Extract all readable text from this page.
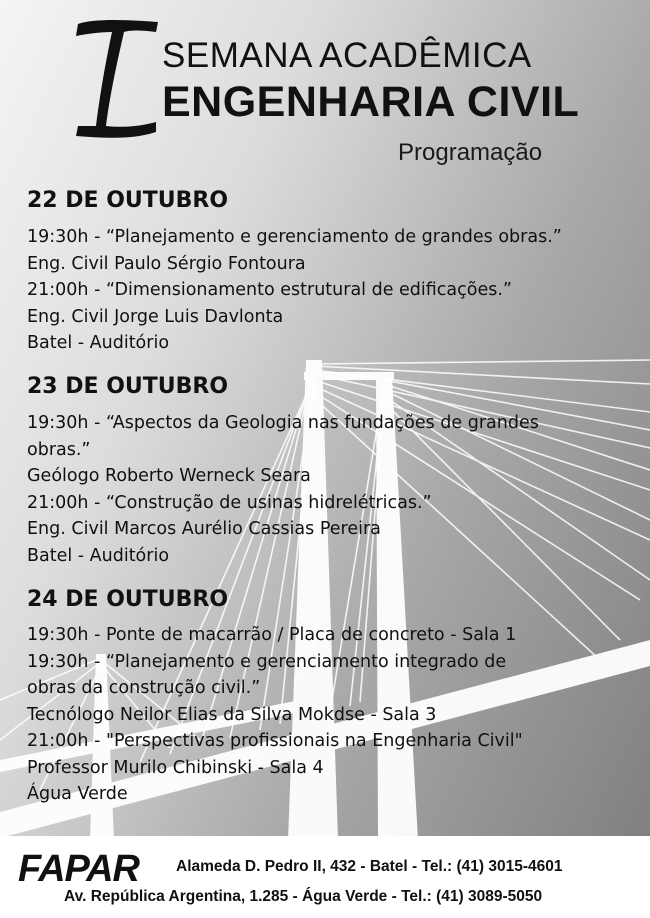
SEMANA ACADÊMICA
ENGENHARIA CIVIL
Programação
22 DE OUTUBRO
19:30h - “Planejamento e gerenciamento de grandes obras.”
Eng. Civil Paulo Sérgio Fontoura
21:00h - “Dimensionamento estrutural de edificações.”
Eng. Civil Jorge Luis Davlonta
Batel - Auditório
23 DE OUTUBRO
19:30h - “Aspectos da Geologia nas fundações de grandes
obras.”
Geólogo Roberto Werneck Seara
21:00h - “Construção de usinas hidrelétricas.”
Eng. Civil Marcos Aurélio Cassias Pereira
Batel - Auditório
24 DE OUTUBRO
19:30h - Ponte de macarrão / Placa de concreto - Sala 1
19:30h - “Planejamento e gerenciamento integrado de
obras da construção civil.”
Tecnólogo Neilor Elias da Silva Mokdse - Sala 3
21:00h - "Perspectivas profissionais na Engenharia Civil"
Professor Murilo Chibinski - Sala 4
Água Verde
FAPAR Alameda D. Pedro II, 432 - Batel - Tel.: (41) 3015-4601
Av. República Argentina, 1.285 - Água Verde - Tel.: (41) 3089-5050
